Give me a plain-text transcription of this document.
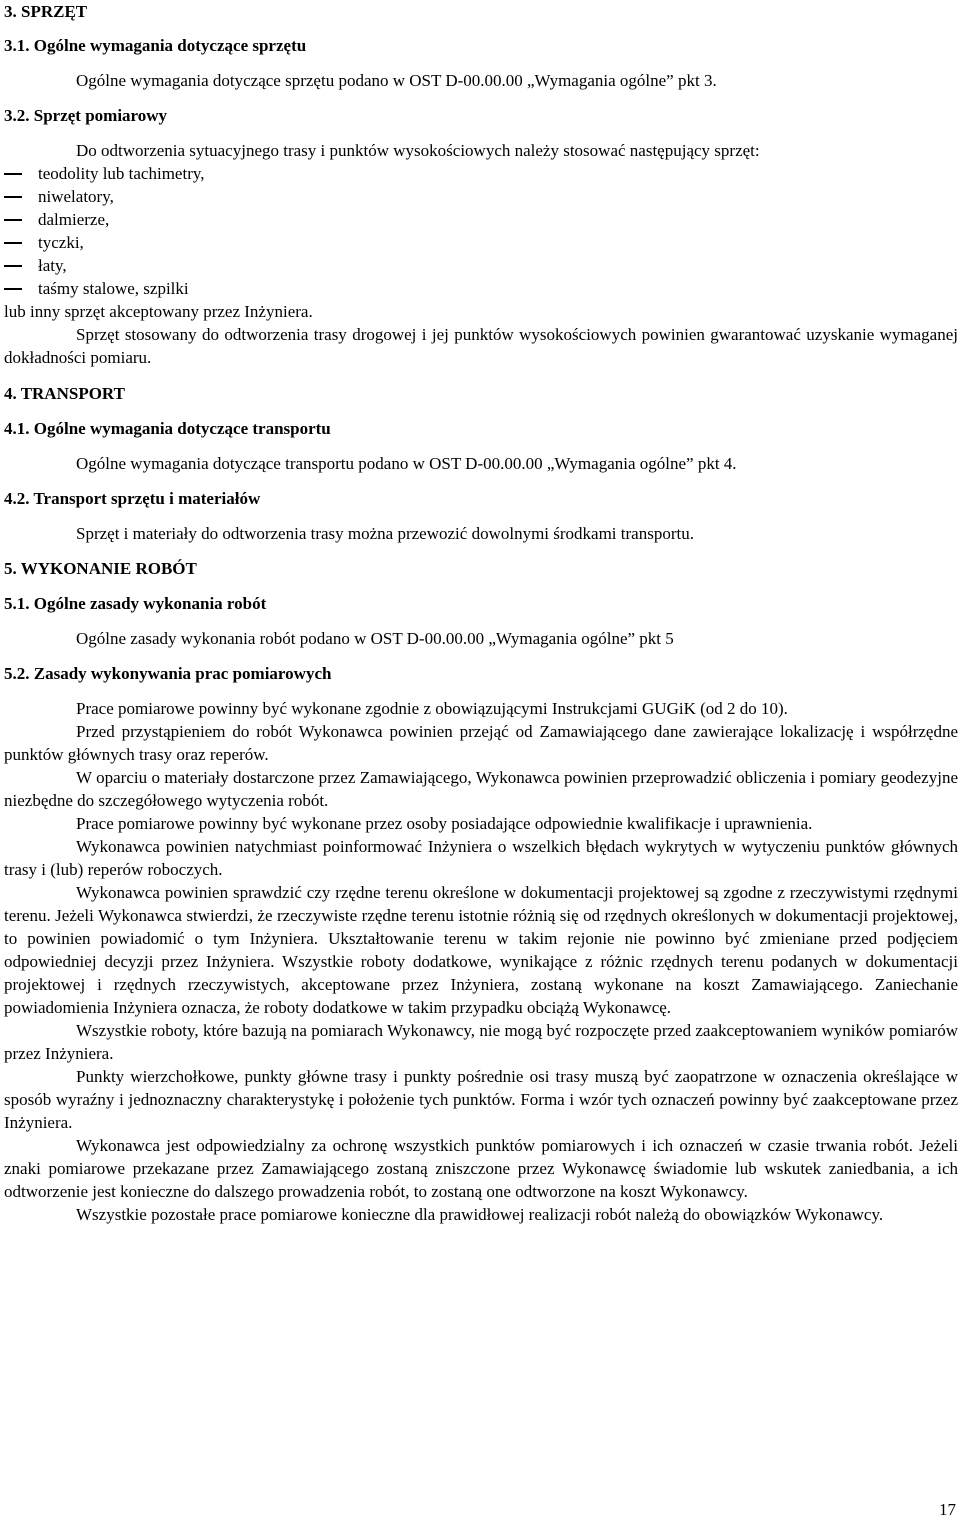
3. SPRZĘT
3.1. Ogólne wymagania dotyczące sprzętu
Ogólne wymagania dotyczące sprzętu podano w OST D-00.00.00 „Wymagania ogólne” pkt 3.
3.2. Sprzęt pomiarowy
Do odtworzenia sytuacyjnego trasy i punktów wysokościowych należy stosować następujący sprzęt:
teodolity lub tachimetry,
niwelatory,
dalmierze,
tyczki,
łaty,
taśmy stalowe, szpilki
lub inny sprzęt akceptowany przez Inżyniera.

Sprzęt stosowany do odtworzenia trasy drogowej i jej punktów wysokościowych powinien gwarantować uzyskanie wymaganej dokładności pomiaru.

4. TRANSPORT
4.1. Ogólne wymagania dotyczące transportu
Ogólne wymagania dotyczące transportu podano w OST D-00.00.00 „Wymagania ogólne” pkt 4.
4.2. Transport sprzętu i materiałów
Sprzęt i materiały do odtworzenia trasy można przewozić dowolnymi środkami transportu.
5. WYKONANIE ROBÓT
5.1. Ogólne zasady wykonania robót
Ogólne zasady wykonania robót podano w OST D-00.00.00 „Wymagania ogólne” pkt 5
5.2. Zasady wykonywania prac pomiarowych

Prace pomiarowe powinny być wykonane zgodnie z obowiązującymi Instrukcjami GUGiK (od 2 do 10).

Przed przystąpieniem do robót Wykonawca powinien przejąć od Zamawiającego dane zawierające lokalizację i współrzędne punktów głównych trasy oraz reperów.

W oparciu o materiały dostarczone przez Zamawiającego, Wykonawca powinien przeprowadzić obliczenia i pomiary geodezyjne niezbędne do szczegółowego wytyczenia robót.

Prace pomiarowe powinny być wykonane przez osoby posiadające odpowiednie kwalifikacje i uprawnienia.

Wykonawca powinien natychmiast poinformować Inżyniera o wszelkich błędach wykrytych w wytyczeniu punktów głównych trasy i (lub) reperów roboczych.

Wykonawca powinien sprawdzić czy rzędne terenu określone w dokumentacji projektowej są zgodne z rzeczywistymi rzędnymi terenu. Jeżeli Wykonawca stwierdzi, że rzeczywiste rzędne terenu istotnie różnią się od rzędnych określonych w dokumentacji projektowej, to powinien powiadomić o tym Inżyniera. Ukształtowanie terenu w takim rejonie nie powinno być zmieniane przed podjęciem odpowiedniej decyzji przez Inżyniera. Wszystkie roboty dodatkowe, wynikające z różnic rzędnych terenu podanych w dokumentacji projektowej i rzędnych rzeczywistych, akceptowane przez Inżyniera, zostaną wykonane na koszt Zamawiającego. Zaniechanie powiadomienia Inżyniera oznacza, że roboty dodatkowe w takim przypadku obciążą Wykonawcę.

Wszystkie roboty, które bazują na pomiarach Wykonawcy, nie mogą być rozpoczęte przed zaakceptowaniem wyników pomiarów przez Inżyniera.

Punkty wierzchołkowe, punkty główne trasy i punkty pośrednie osi trasy muszą być zaopatrzone w oznaczenia określające w sposób wyraźny i jednoznaczny charakterystykę i położenie tych punktów. Forma i wzór tych oznaczeń powinny być zaakceptowane przez Inżyniera.

Wykonawca jest odpowiedzialny za ochronę wszystkich punktów pomiarowych i ich oznaczeń w czasie trwania robót. Jeżeli znaki pomiarowe przekazane przez Zamawiającego zostaną zniszczone przez Wykonawcę świadomie lub wskutek zaniedbania, a ich odtworzenie jest konieczne do dalszego prowadzenia robót, to zostaną one odtworzone na koszt Wykonawcy.

Wszystkie pozostałe prace pomiarowe konieczne dla prawidłowej realizacji robót należą do obowiązków Wykonawcy.

17
